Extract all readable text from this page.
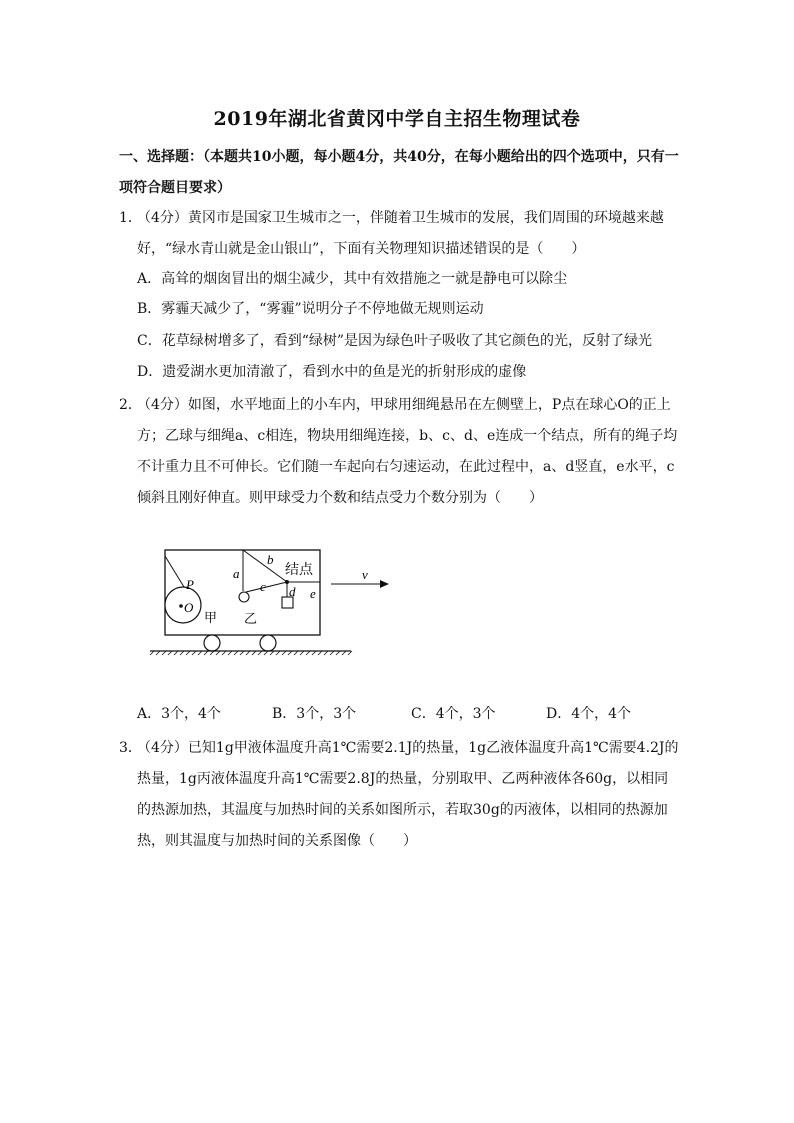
2019年湖北省黄冈中学自主招生物理试卷
一、选择题：（本题共10小题，每小题4分，共40分，在每小题给出的四个选项中，只有一项符合题目要求）
1．
（4分）黄冈市是国家卫生城市之一，伴随着卫生城市的发展，我们周围的环境越来越好，“绿水青山就是金山银山”，下面有关物理知识描述错误的是（　　）
A．高耸的烟囱冒出的烟尘减少，其中有效措施之一就是静电可以除尘
B．雾霾天减少了，“雾霾”说明分子不停地做无规则运动
C．花草绿树增多了，看到“绿树”是因为绿色叶子吸收了其它颜色的光，反射了绿光
D．遗爱湖水更加清澈了，看到水中的鱼是光的折射形成的虚像
2．
（4分）如图，水平地面上的小车内，甲球用细绳悬吊在左侧壁上，P点在球心O的正上方；乙球与细绳a、c相连，物块用细绳连接，b、c、d、e连成一个结点，所有的绳子均不计重力且不可伸长。它们随一车起向右匀速运动，在此过程中，a、d竖直，e水平，c倾斜且刚好伸直。则甲球受力个数和结点受力个数分别为（　　）
P
O
甲
a
b
c d e
乙
结点	v
A．3个，4个	B．3个，3个	C．4个，3个	D．4个，4个
3．
（4分）已知1g甲液体温度升高1℃需要2.1J的热量，1g乙液体温度升高1℃需要4.2J的热量，1g丙液体温度升高1℃需要2.8J的热量，分别取甲、乙两种液体各60g，以相同的热源加热，其温度与加热时间的关系如图所示，若取30g的丙液体，以相同的热源加热，则其温度与加热时间的关系图像（　　）
